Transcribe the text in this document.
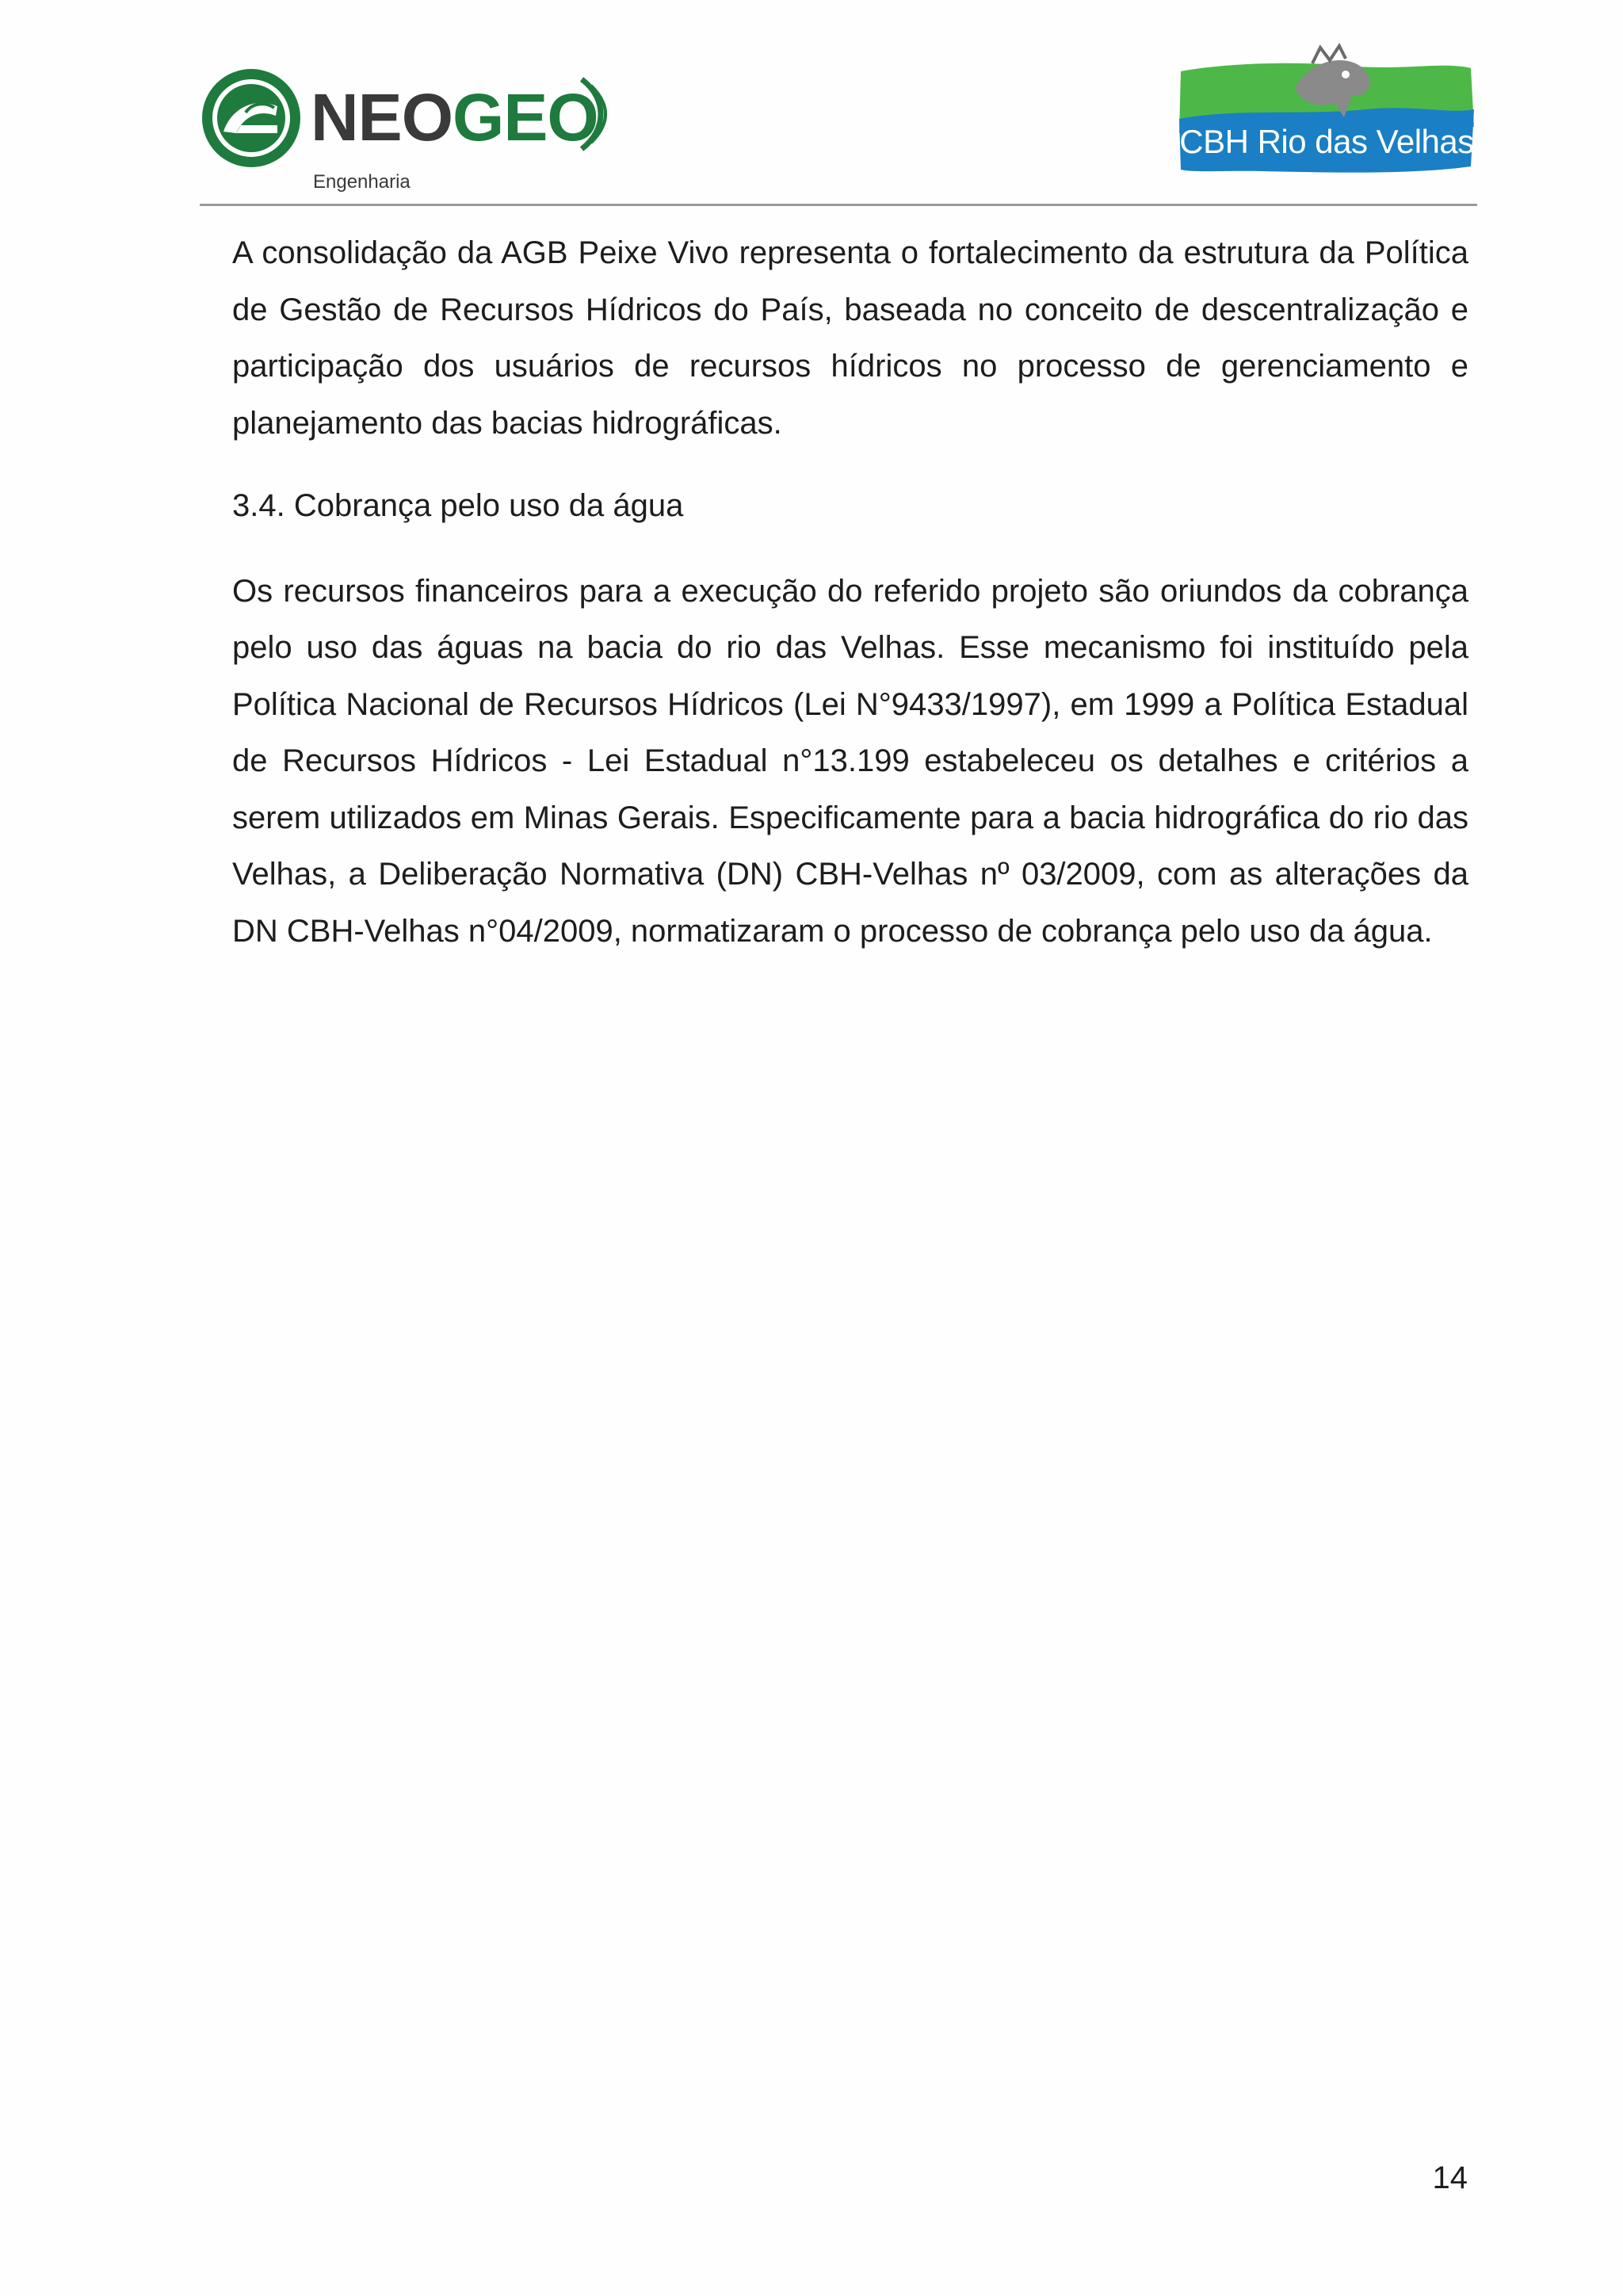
NEOGEO
Engenharia
CBH Rio das Velhas

A consolidação da AGB Peixe Vivo representa o fortalecimento da estrutura da Política de Gestão de Recursos Hídricos do País, baseada no conceito de descentralização e participação dos usuários de recursos hídricos no processo de gerenciamento e planejamento das bacias hidrográficas.

3.4. Cobrança pelo uso da água

Os recursos financeiros para a execução do referido projeto são oriundos da cobrança pelo uso das águas na bacia do rio das Velhas. Esse mecanismo foi instituído pela Política Nacional de Recursos Hídricos (Lei N°9433/1997), em 1999 a Política Estadual de Recursos Hídricos - Lei Estadual n°13.199 estabeleceu os detalhes e critérios a serem utilizados em Minas Gerais. Especificamente para a bacia hidrográfica do rio das Velhas, a Deliberação Normativa (DN) CBH-Velhas nº 03/2009, com as alterações da DN CBH-Velhas n°04/2009, normatizaram o processo de cobrança pelo uso da água.

14
